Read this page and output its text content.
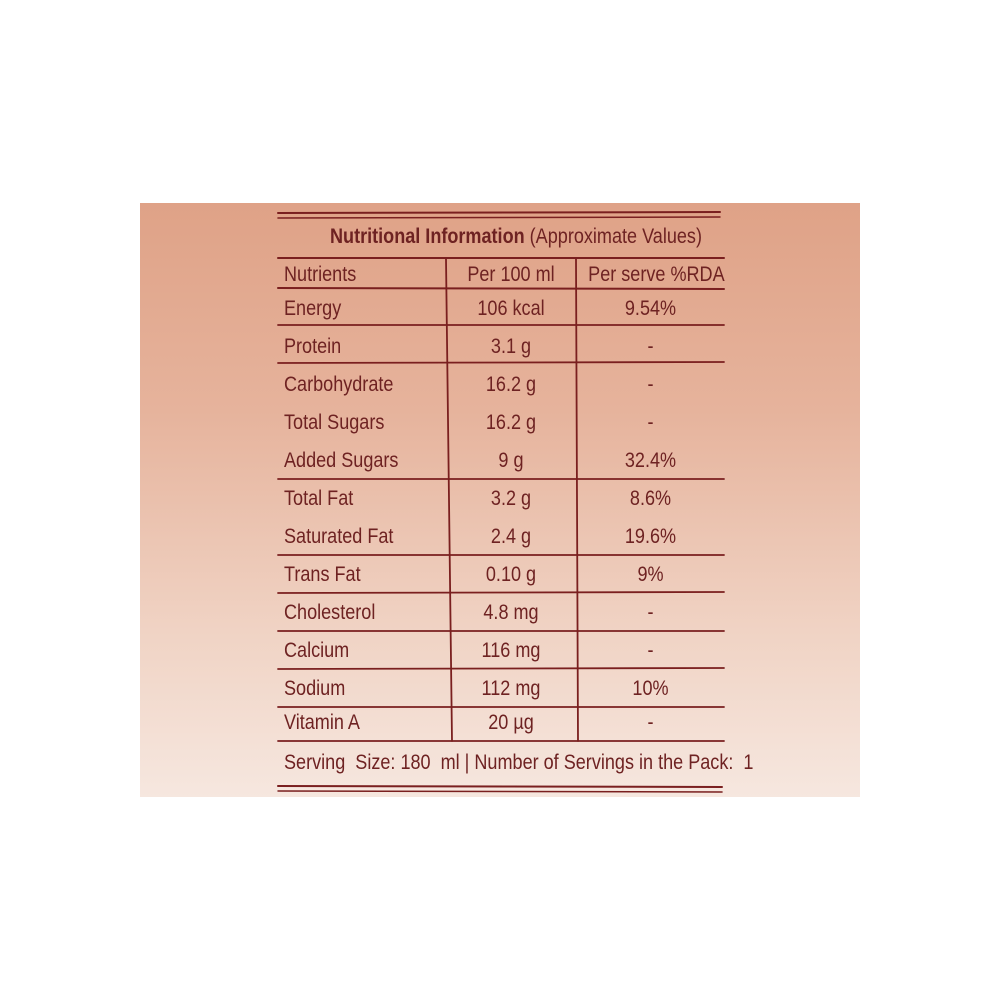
Nutritional Information (Approximate Values)
Nutrients	Per 100 ml	Per serve %RDA
Energy	106 kcal	9.54%
Protein	3.1 g	-
Carbohydrate	16.2 g	-
Total Sugars	16.2 g	-
Added Sugars	9 g	32.4%
Total Fat	3.2 g	8.6%
Saturated Fat	2.4 g	19.6%
Trans Fat	0.10 g	9%
Cholesterol	4.8 mg	-
Calcium	116 mg	-
Sodium	112 mg	10%
Vitamin A	20 µg	-
Serving  Size: 180  ml | Number of Servings in the Pack:  1
